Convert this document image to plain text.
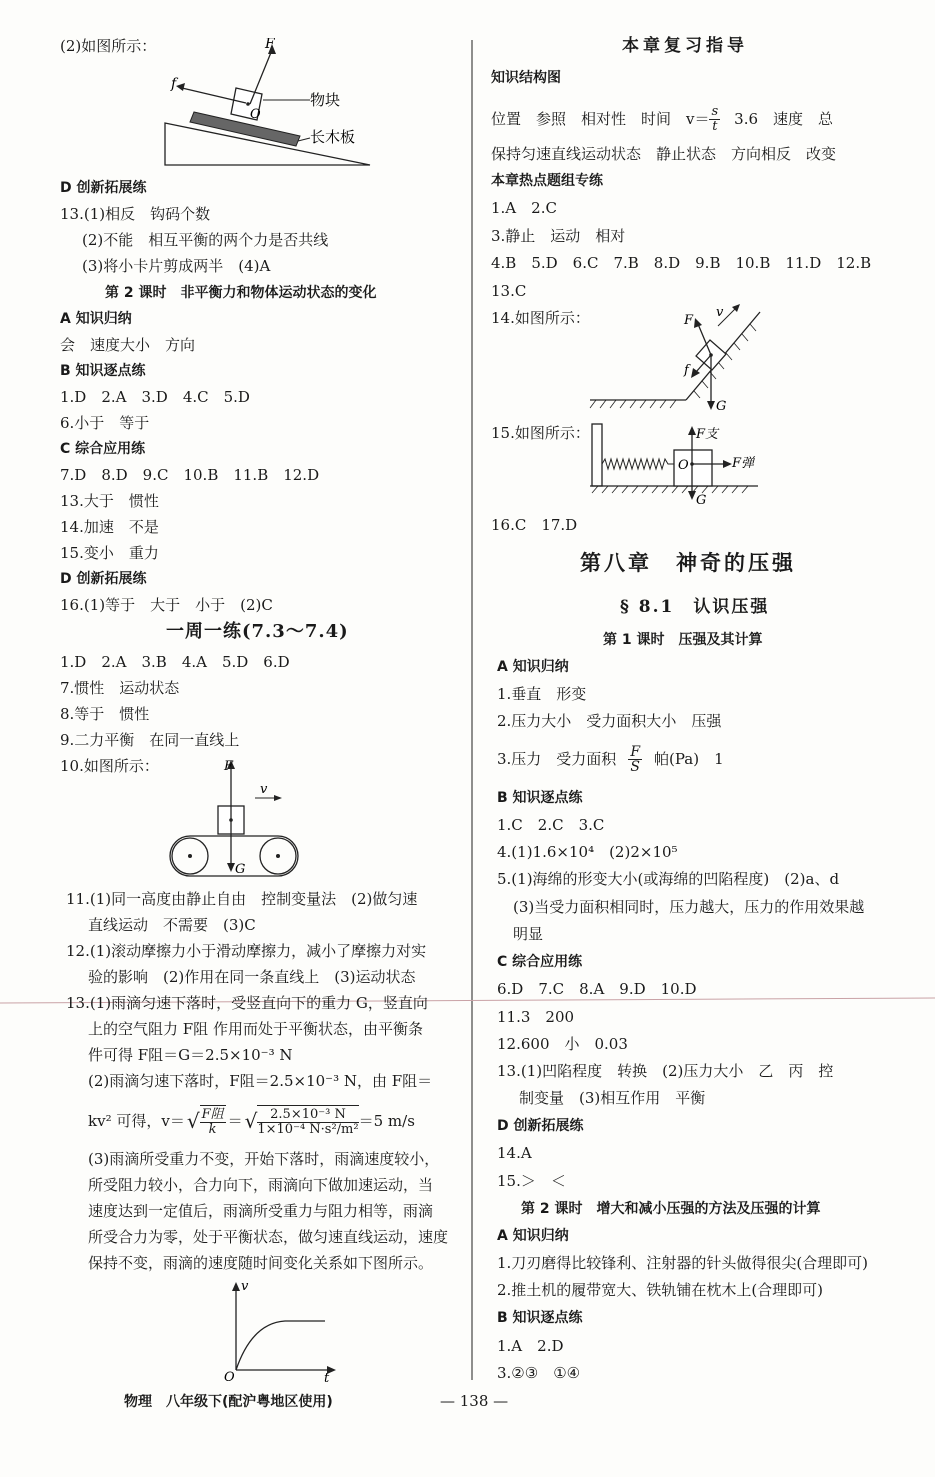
(2)如图所示：	F
f
O
物块
长木板
D 创新拓展练
13.(1)相反　钩码个数
(2)不能　相互平衡的两个力是否共线
(3)将小卡片剪成两半　(4)A
第 2 课时　非平衡力和物体运动状态的变化
A 知识归纳
会　速度大小　方向
B 知识逐点练
1.D　2.A　3.D　4.C　5.D
6.小于　等于
C 综合应用练
7.D　8.D　9.C　10.B　11.B　12.D
13.大于　惯性
14.加速　不是
15.变小　重力
D 创新拓展练
16.(1)等于　大于　小于　(2)C
一周一练(7.3～7.4)
1.D　2.A　3.B　4.A　5.D　6.D
7.惯性　运动状态
8.等于　惯性
9.二力平衡　在同一直线上
10.如图所示：	F
v
G
11.(1)同一高度由静止自由　控制变量法　(2)做匀速
直线运动　不需要　(3)C
12.(1)滚动摩擦力小于滑动摩擦力，减小了摩擦力对实
验的影响　(2)作用在同一条直线上　(3)运动状态
13.(1)雨滴匀速下落时，受竖直向下的重力 G，竖直向
上的空气阻力 F阻 作用而处于平衡状态，由平衡条
件可得 F阻＝G＝2.5×10⁻³ N
(2)雨滴匀速下落时，F阻＝2.5×10⁻³ N，由 F阻＝
kv² 可得，v＝ √ $\frac{\text{F阻}}{k}$ ＝ √ $\frac{\text{2.5×10⁻³ N}}{\text{1×10⁻⁴ N·s²/m²}} =5$ m/s
(3)雨滴所受重力不变，开始下落时，雨滴速度较小，
所受阻力较小，合力向下，雨滴向下做加速运动，当
速度达到一定值后，雨滴所受重力与阻力相等，雨滴
所受合力为零，处于平衡状态，做匀速直线运动，速度
保持不变，雨滴的速度随时间变化关系如下图所示。
v
O	t
本章复习指导
知识结构图
位置　参照　相对性　时间　$v= \frac{s}{t} 3.6$　速度　总
保持匀速直线运动状态　静止状态　方向相反　改变
本章热点题组专练
1.A　2.C
3.静止　运动　相对
4.B　5.D　6.C　7.B　8.D　9.B　10.B　11.D　12.B
13.C
14.如图所示：	F
v
f
G
15.如图所示：	F支
F弹
O
G
16.C　17.D
第八章　神奇的压强
§ 8.1　认识压强
第 1 课时　压强及其计算
A 知识归纳
1.垂直　形变
2.压力大小　受力面积大小　压强
3.压力　受力面积 $\frac{F}{S}$ 帕(Pa)　1
B 知识逐点练
1.C　2.C　3.C
4.(1)1.6×10⁴　(2)2×10⁵
5.(1)海绵的形变大小(或海绵的凹陷程度)　(2)a、d
(3)当受力面积相同时，压力越大，压力的作用效果越
明显
C 综合应用练
6.D　7.C　8.A　9.D　10.D
11.3　200
12.600　小　0.03
13.(1)凹陷程度　转换　(2)压力大小　乙　丙　控
制变量　(3)相互作用　平衡
D 创新拓展练
14.A
15.＞　＜
第 2 课时　增大和减小压强的方法及压强的计算
A 知识归纳
1.刀刃磨得比较锋利、注射器的针头做得很尖(合理即可)
2.推土机的履带宽大、铁轨铺在枕木上(合理即可)
B 知识逐点练
1.A　2.D
3.②③　①④
物理　八年级下(配沪粤地区使用)	— 138 —
